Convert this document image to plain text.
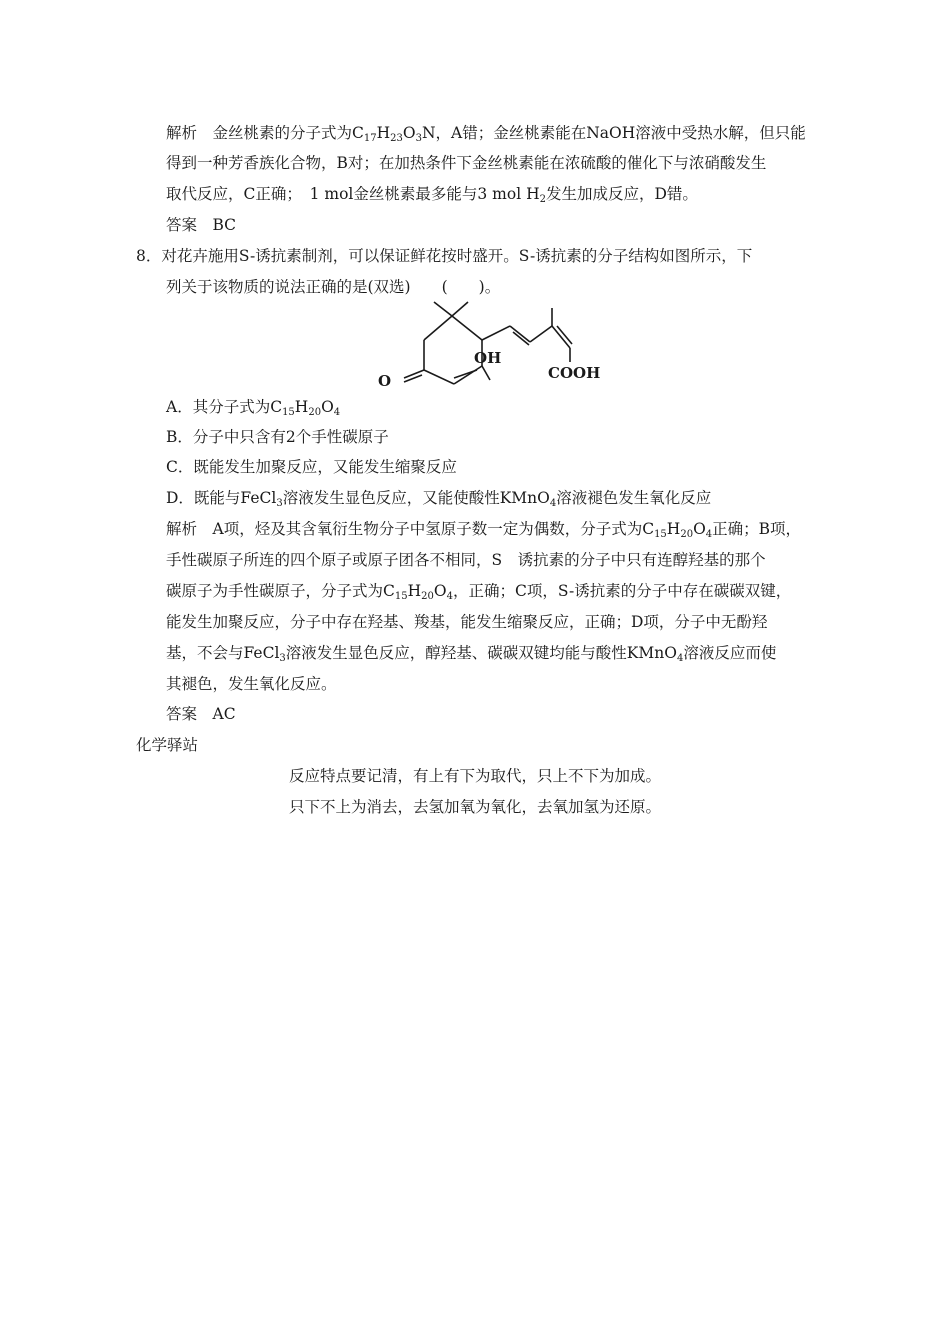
解析　金丝桃素的分子式为$C_{17}H_{23}O_3N$，A错；金丝桃素能在NaOH溶液中受热水解，但只能
得到一种芳香族化合物，B对；在加热条件下金丝桃素能在浓硫酸的催化下与浓硝酸发生
取代反应，C正确；　1 mol金丝桃素最多能与3 mol $H_2$发生加成反应，D错。
答案　BC
8．对花卉施用S-诱抗素制剂，可以保证鲜花按时盛开。S-诱抗素的分子结构如图所示，下
列关于该物质的说法正确的是(双选)　　(　　)。
OH
O	COOH
A．其分子式为$C_{15}H_{20}O_4$
B．分子中只含有2个手性碳原子
C．既能发生加聚反应，又能发生缩聚反应
D．既能与FeCl$_3$溶液发生显色反应，又能使酸性KMnO$_4$溶液褪色发生氧化反应
解析　A项，烃及其含氧衍生物分子中氢原子数一定为偶数，分子式为$C_{15}H_{20}O_4$正确；B项，
手性碳原子所连的四个原子或原子团各不相同，S　诱抗素的分子中只有连醇羟基的那个
碳原子为手性碳原子，分子式为$C_{15}H_{20}O_4$，正确；C项，S-诱抗素的分子中存在碳碳双键，
能发生加聚反应，分子中存在羟基、羧基，能发生缩聚反应，正确；D项，分子中无酚羟
基，不会与FeCl$_3$溶液发生显色反应，醇羟基、碳碳双键均能与酸性KMnO$_4$溶液反应而使
其褪色，发生氧化反应。
答案　AC
化学驿站
反应特点要记清，有上有下为取代，只上不下为加成。
只下不上为消去，去氢加氧为氧化，去氧加氢为还原。
